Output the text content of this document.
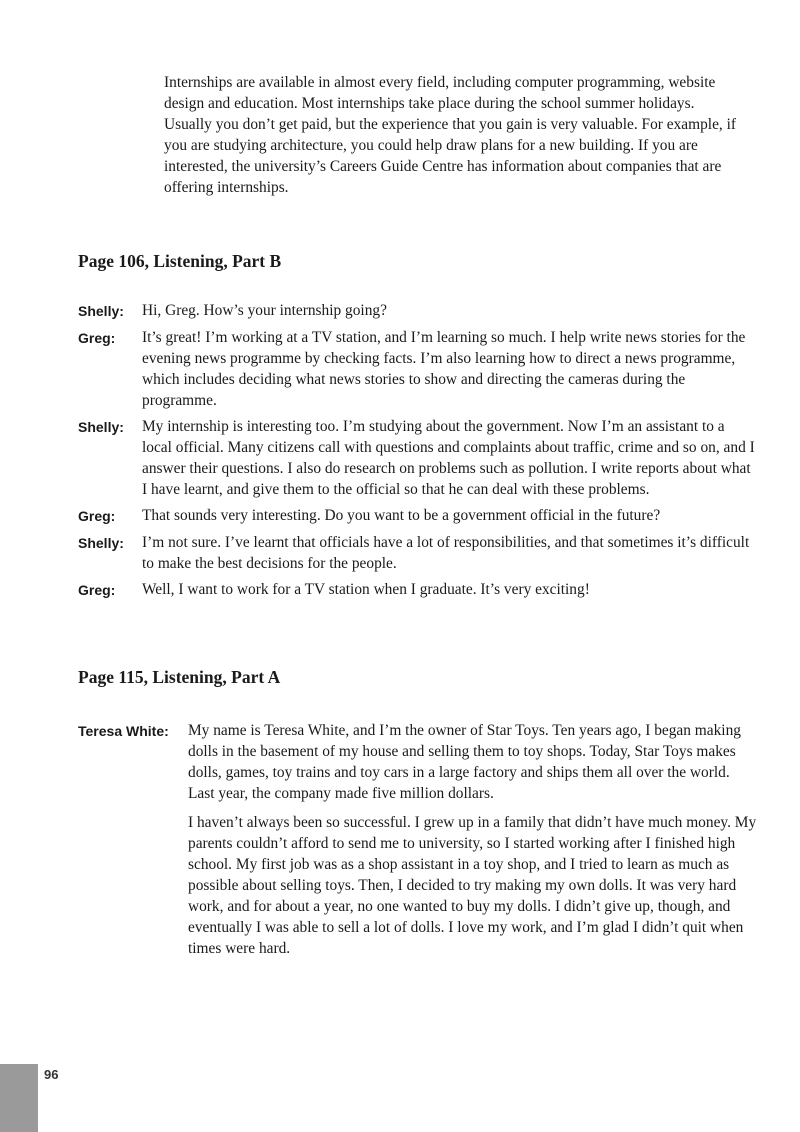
Internships are available in almost every field, including computer programming, website design and education. Most internships take place during the school summer holidays. Usually you don’t get paid, but the experience that you gain is very valuable. For example, if you are studying architecture, you could help draw plans for a new building. If you are interested, the university’s Careers Guide Centre has information about companies that are offering internships.

Page 106, Listening, Part B
Shelly:	Hi, Greg. How’s your internship going?

Greg:	It’s great! I’m working at a TV station, and I’m learning so much. I help write news stories for the evening news programme by checking facts. I’m also learning how to direct a news programme, which includes deciding what news stories to show and directing the cameras during the programme.

Shelly:	My internship is interesting too. I’m studying about the government. Now I’m an assistant to a local official. Many citizens call with questions and complaints about traffic, crime and so on, and I answer their questions. I also do research on problems such as pollution. I write reports about what I have learnt, and give them to the official so that he can deal with these problems.

Greg:	That sounds very interesting. Do you want to be a government official in the future?

Shelly:	I’m not sure. I’ve learnt that officials have a lot of responsibilities, and that sometimes it’s difficult to make the best decisions for the people.

Greg:	Well, I want to work for a TV station when I graduate. It’s very exciting!

Page 115, Listening, Part A
Teresa White:	My name is Teresa White, and I’m the owner of Star Toys. Ten years ago, I began making dolls in the basement of my house and selling them to toy shops. Today, Star Toys makes dolls, games, toy trains and toy cars in a large factory and ships them all over the world. Last year, the company made five million dollars.

I haven’t always been so successful. I grew up in a family that didn’t have much money. My parents couldn’t afford to send me to university, so I started working after I finished high school. My first job was as a shop assistant in a toy shop, and I tried to learn as much as possible about selling toys. Then, I decided to try making my own dolls. It was very hard work, and for about a year, no one wanted to buy my dolls. I didn’t give up, though, and eventually I was able to sell a lot of dolls. I love my work, and I’m glad I didn’t quit when times were hard.

96
